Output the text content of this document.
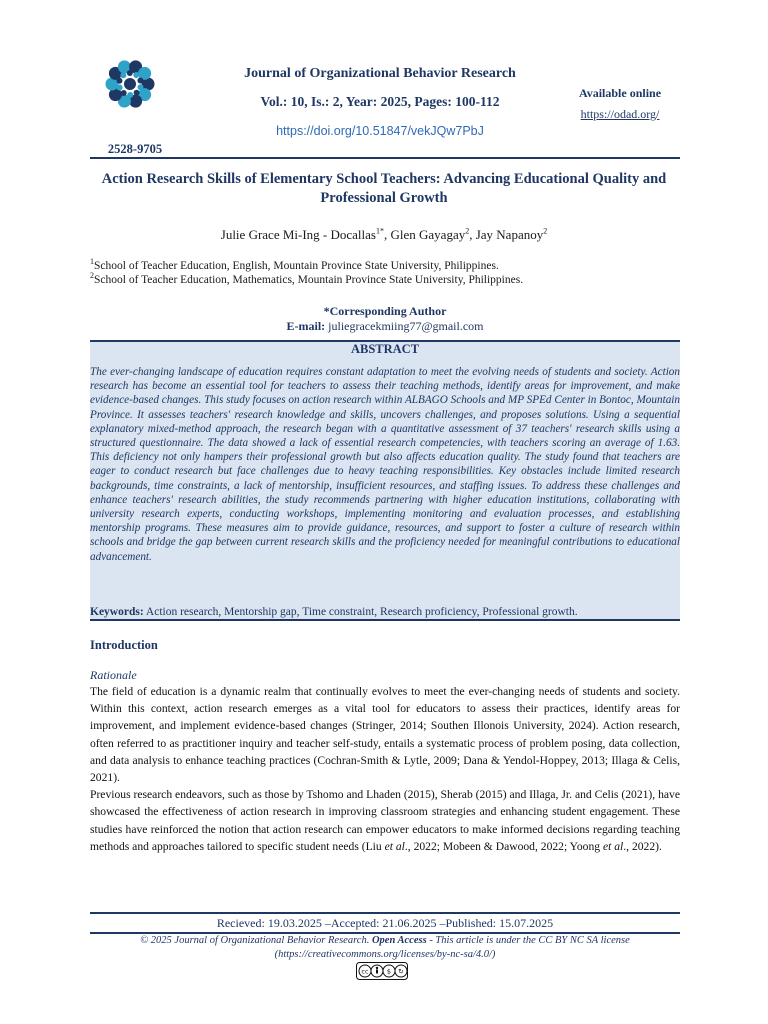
2528-9705
Journal of Organizational Behavior Research
Vol.: 10, Is.: 2, Year: 2025, Pages: 100-112
https://doi.org/10.51847/vekJQw7PbJ
Available online
https://odad.org/
Action Research Skills of Elementary School Teachers: Advancing Educational Quality and Professional Growth
Julie Grace Mi-Ing - Docallas$^{1*}$, Glen Gayagay$^2$, Jay Napanoy$^2$
$^1$School of Teacher Education, English, Mountain Province State University, Philippines.
$^2$School of Teacher Education, Mathematics, Mountain Province State University, Philippines.
*Corresponding Author
E-mail: juliegracekmiing77@gmail.com
ABSTRACT
The ever-changing landscape of education requires constant adaptation to meet the evolving needs of students and society. Action research has become an essential tool for teachers to assess their teaching methods, identify areas for improvement, and make evidence-based changes. This study focuses on action research within ALBAGO Schools and MP SPEd Center in Bontoc, Mountain Province. It assesses teachers' research knowledge and skills, uncovers challenges, and proposes solutions. Using a sequential explanatory mixed-method approach, the research began with a quantitative assessment of 37 teachers' research skills using a structured questionnaire. The data showed a lack of essential research competencies, with teachers scoring an average of 1.63. This deficiency not only hampers their professional growth but also affects education quality. The study found that teachers are eager to conduct research but face challenges due to heavy teaching responsibilities. Key obstacles include limited research backgrounds, time constraints, a lack of mentorship, insufficient resources, and staffing issues. To address these challenges and enhance teachers' research abilities, the study recommends partnering with higher education institutions, collaborating with university research experts, conducting workshops, implementing monitoring and evaluation processes, and establishing mentorship programs. These measures aim to provide guidance, resources, and support to foster a culture of research within schools and bridge the gap between current research skills and the proficiency needed for meaningful contributions to educational advancement.
Keywords: Action research, Mentorship gap, Time constraint, Research proficiency, Professional growth.
Introduction
Rationale

The field of education is a dynamic realm that continually evolves to meet the ever-changing needs of students and society. Within this context, action research emerges as a vital tool for educators to assess their practices, identify areas for improvement, and implement evidence-based changes (Stringer, 2014; Southen Illonois University, 2024). Action research, often referred to as practitioner inquiry and teacher self-study, entails a systematic process of problem posing, data collection, and data analysis to enhance teaching practices (Cochran-Smith & Lytle, 2009; Dana & Yendol-Hoppey, 2013; Illaga & Celis, 2021).

Previous research endeavors, such as those by Tshomo and Lhaden (2015), Sherab (2015) and Illaga, Jr. and Celis (2021), have showcased the effectiveness of action research in improving classroom strategies and enhancing student engagement. These studies have reinforced the notion that action research can empower educators to make informed decisions regarding teaching methods and approaches tailored to specific student needs (Liu et al., 2022; Mobeen & Dawood, 2022; Yoong et al., 2022).

Recieved: 19.03.2025 –Accepted: 21.06.2025 –Published: 15.07.2025
© 2025 Journal of Organizational Behavior Research. Open Access - This article is under the CC BY NC SA license
(https://creativecommons.org/licenses/by-nc-sa/4.0/)
cc	$ ↻
